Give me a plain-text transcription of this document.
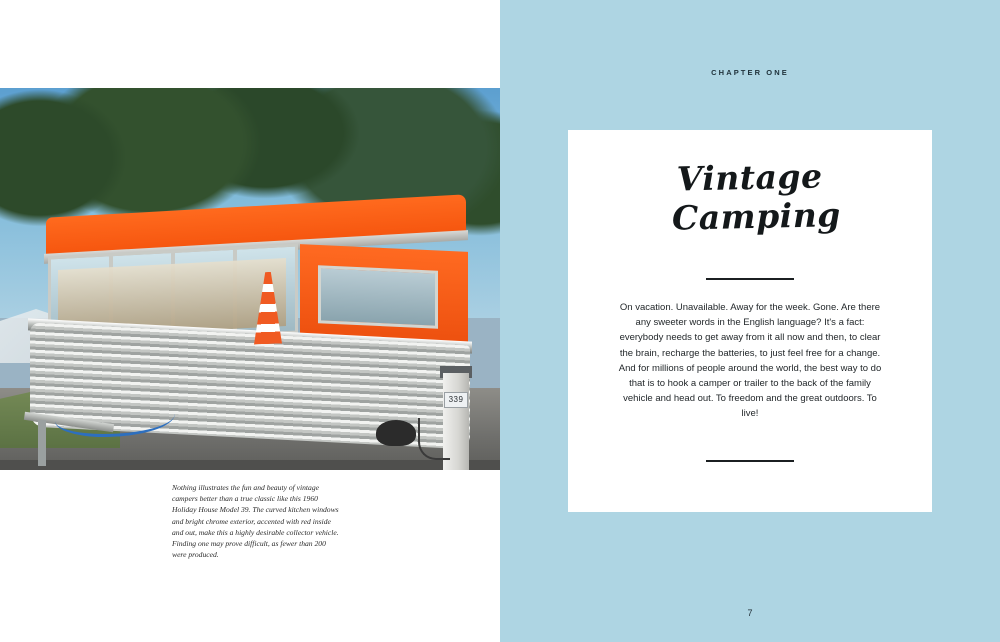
339
Nothing illustrates the fun and beauty of vintage campers better than a true classic like this 1960 Holiday House Model 39. The curved kitchen windows and bright chrome exterior, accented with red inside and out, make this a highly desirable collector vehicle. Finding one may prove difficult, as fewer than 200 were produced.
CHAPTER ONE
Vintage
Camping
On vacation. Unavailable. Away for the week. Gone. Are there any sweeter words in the English language? It's a fact: everybody needs to get away from it all now and then, to clear the brain, recharge the batteries, to just feel free for a change. And for millions of people around the world, the best way to do that is to hook a camper or trailer to the back of the family vehicle and head out. To freedom and the great outdoors. To live!
7
